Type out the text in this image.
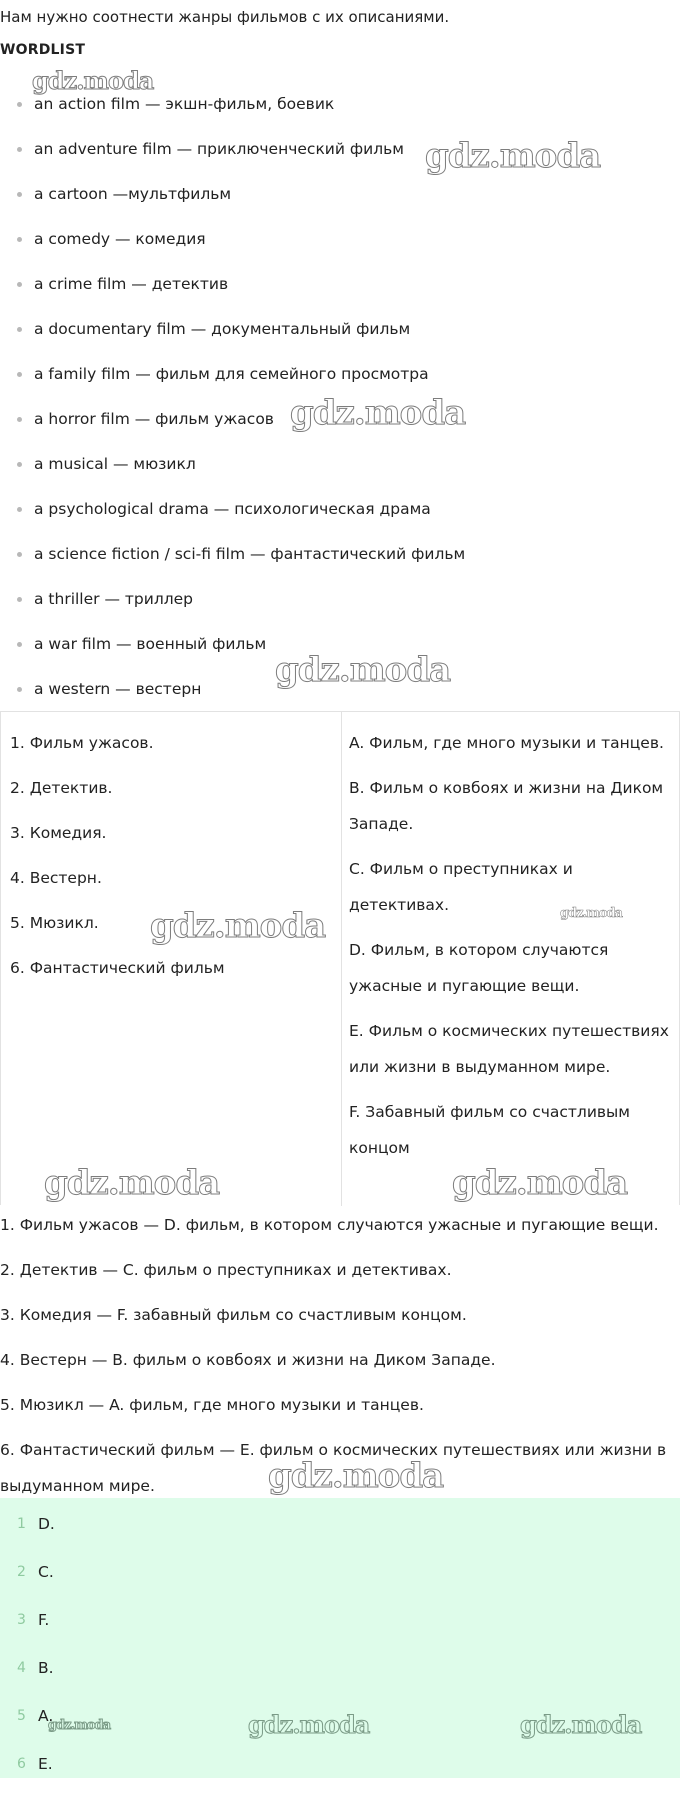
Нам нужно соотнести жанры фильмов с их описаниями.
WORDLIST
an action film — экшн-фильм, боевик
an adventure film — приключенческий фильм
a cartoon —мультфильм
a comedy — комедия
a crime film — детектив
a documentary film — документальный фильм
a family film — фильм для семейного просмотра
a horror film — фильм ужасов
a musical — мюзикл
a psychological drama — психологическая драма
a science fiction / sci-fi film — фантастический фильм
a thriller — триллер
a war film — военный фильм
a western — вестерн
1. Фильм ужасов.
2. Детектив.
3. Комедия.
4. Вестерн.
5. Мюзикл.
6. Фантастический фильм
A. Фильм, где много музыки и танцев.
B. Фильм о ковбоях и жизни на Диком Западе.
C. Фильм о преступниках и детективах.
D. Фильм, в котором случаются ужасные и пугающие вещи.
E. Фильм о космических путешествиях или жизни в выдуманном мире.
F. Забавный фильм со счастливым концом

1. Фильм ужасов — D. фильм, в котором случаются ужасные и пугающие вещи.

2. Детектив — C. фильм о преступниках и детективах.

3. Комедия — F. забавный фильм со счастливым концом.

4. Вестерн — B. фильм о ковбоях и жизни на Диком Западе.

5. Мюзикл — A. фильм, где много музыки и танцев.

6. Фантастический фильм — E. фильм о космических путешествиях или жизни в выдуманном мире.

1 D.
2 C.
3 F.
4 B.
5 A.
6 E.
gdz.moda
gdz.moda
gdz.moda
gdz.moda
gdz.moda	gdz.moda
gdz.moda	gdz.moda
gdz.moda
gdz.moda	gdz.moda	gdz.moda
